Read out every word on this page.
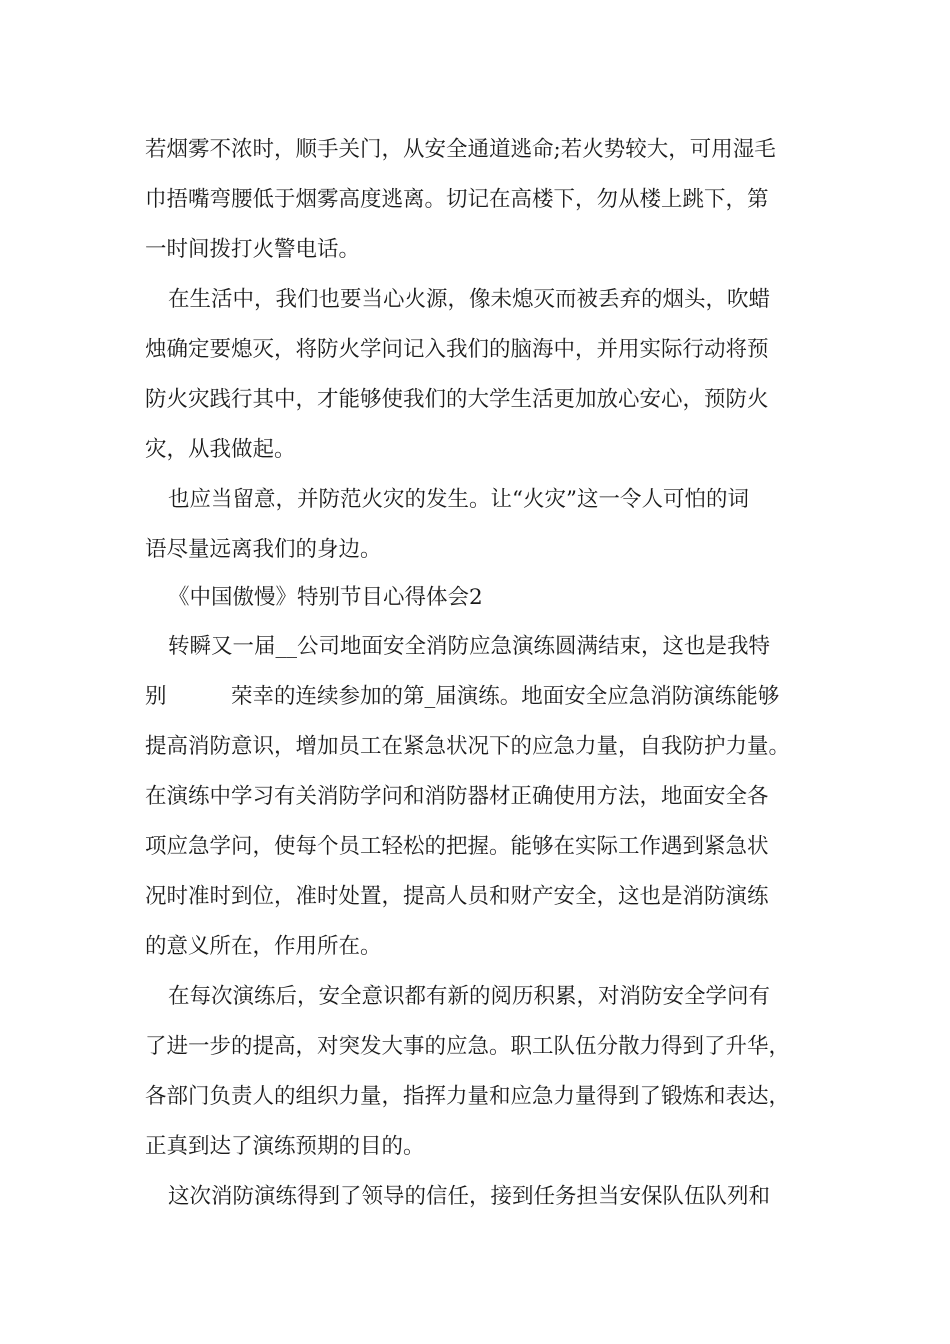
若烟雾不浓时，顺手关门，从安全通道逃命;若火势较大，可用湿毛
巾捂嘴弯腰低于烟雾高度逃离。切记在高楼下，勿从楼上跳下，第
一时间拨打火警电话。
在生活中，我们也要当心火源，像未熄灭而被丢弃的烟头，吹蜡
烛确定要熄灭，将防火学问记入我们的脑海中，并用实际行动将预
防火灾践行其中，才能够使我们的大学生活更加放心安心，预防火
灾，从我做起。
也应当留意，并防范火灾的发生。让“火灾”这一令人可怕的词
语尽量远离我们的身边。
《中国傲慢》特别节目心得体会2
转瞬又一届__公司地面安全消防应急演练圆满结束，这也是我特
别　　　荣幸的连续参加的第_届演练。地面安全应急消防演练能够
提高消防意识，增加员工在紧急状况下的应急力量，自我防护力量。
在演练中学习有关消防学问和消防器材正确使用方法，地面安全各
项应急学问，使每个员工轻松的把握。能够在实际工作遇到紧急状
况时准时到位，准时处置，提高人员和财产安全，这也是消防演练
的意义所在，作用所在。
在每次演练后，安全意识都有新的阅历积累，对消防安全学问有
了进一步的提高，对突发大事的应急。职工队伍分散力得到了升华，
各部门负责人的组织力量，指挥力量和应急力量得到了锻炼和表达，
正真到达了演练预期的目的。
这次消防演练得到了领导的信任，接到任务担当安保队伍队列和
